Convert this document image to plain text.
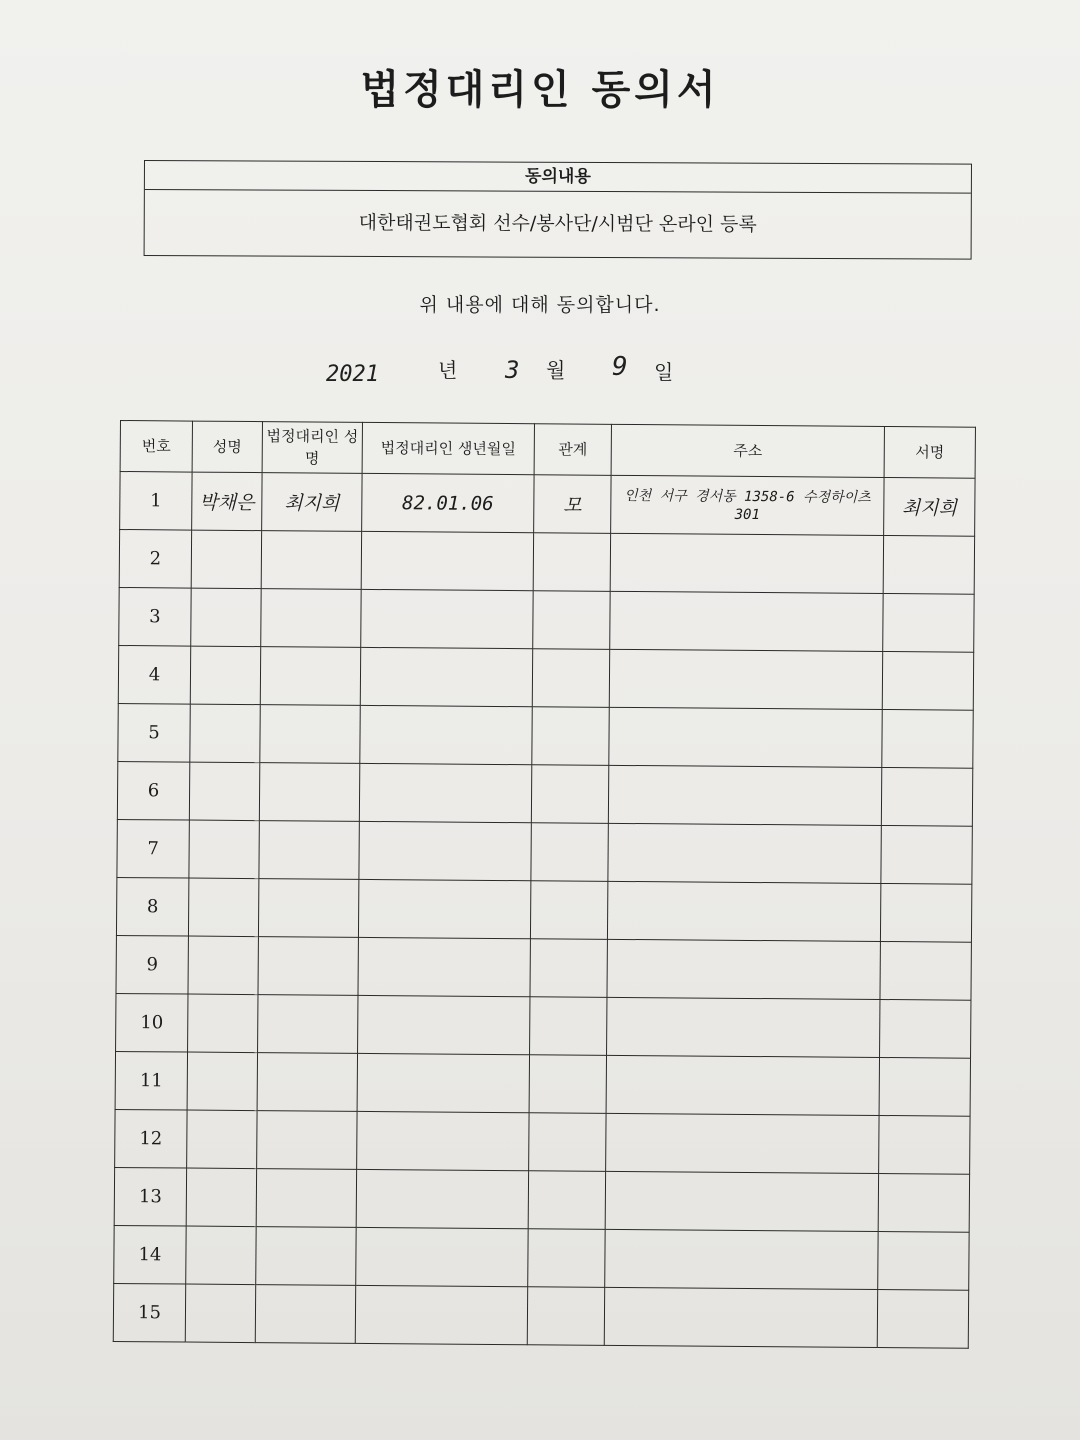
법정대리인 동의서
동의내용
대한태권도협회 선수/봉사단/시범단 온라인 등록
위 내용에 대해 동의합니다.
2021	년 3 월 9 일
번호	성명	법정대리인 성명	법정대리인 생년월일	관계	주소	서명
1	박채은	최지희	82.01.06	모	인천 서구 경서동 1358-6 수정하이츠 301	최지희
2						
3						
4						
5						
6						
7						
8						
9						
10						
11						
12						
13						
14						
15						
